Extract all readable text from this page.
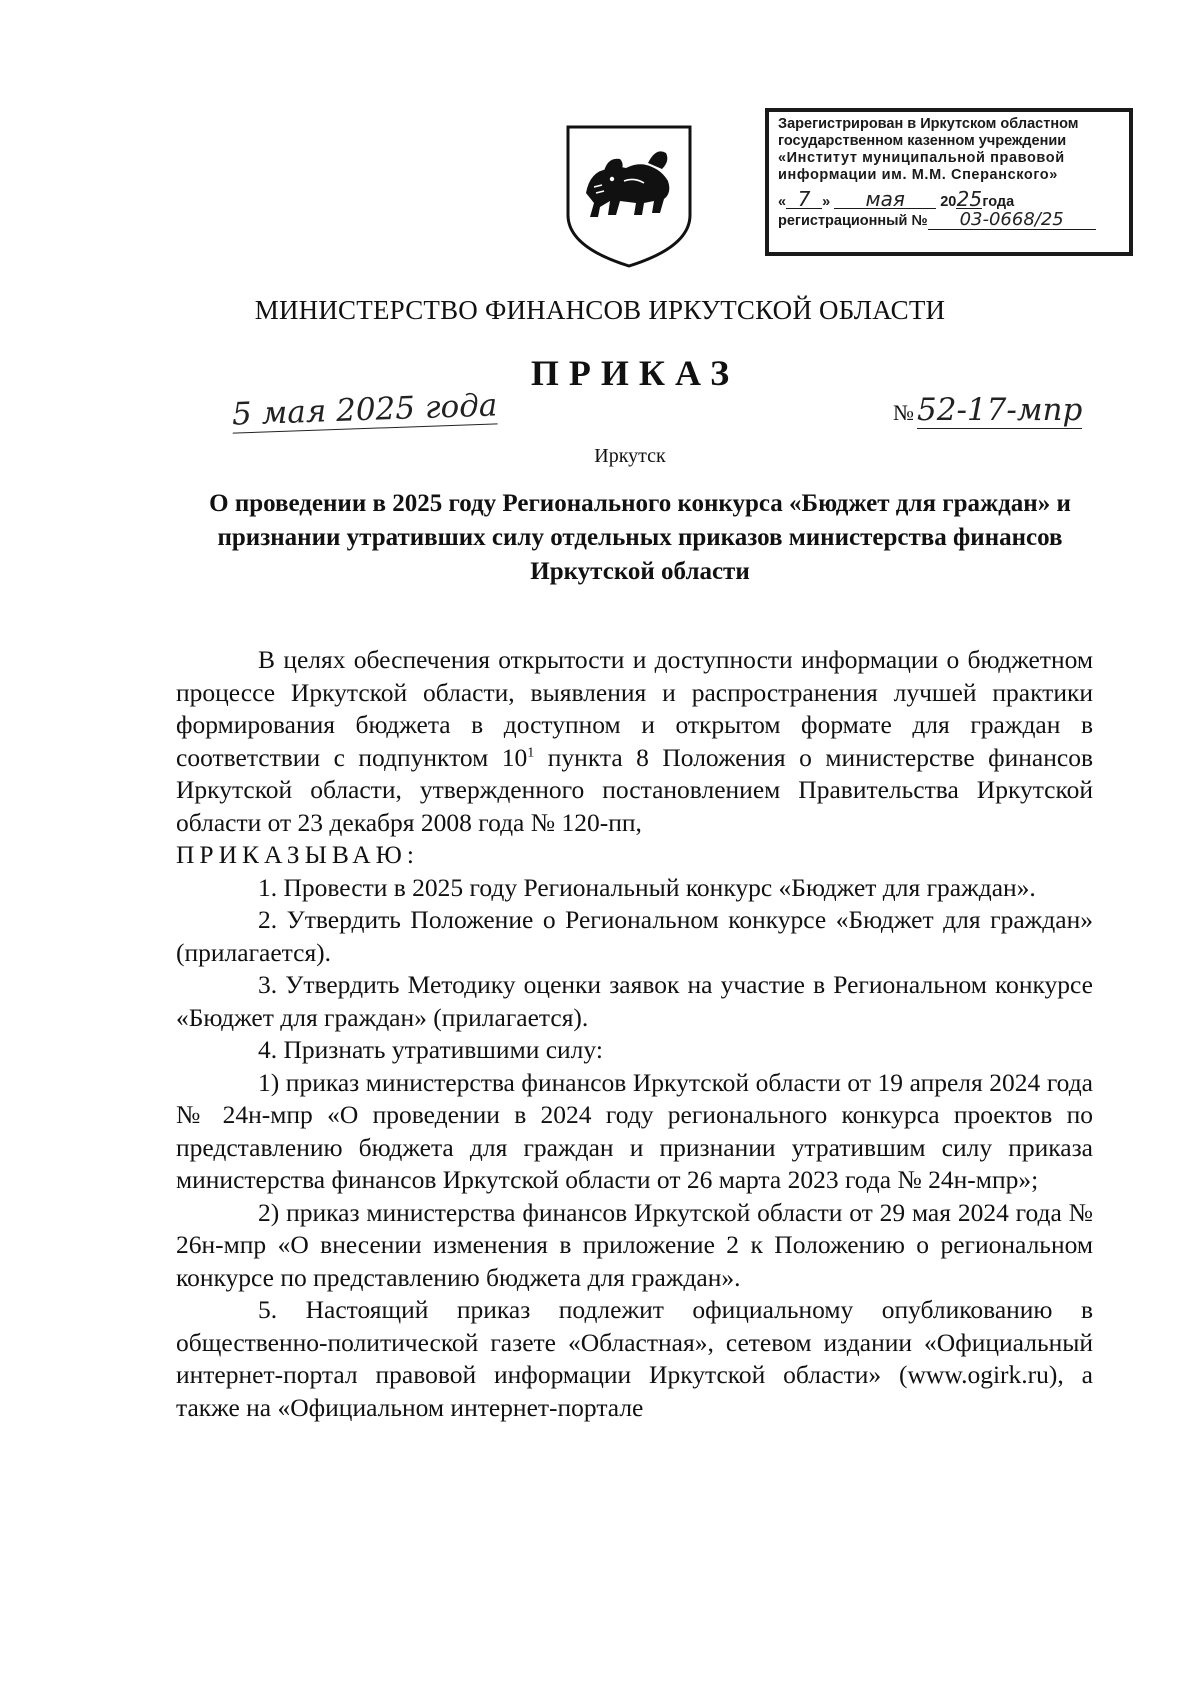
Зарегистрирован в Иркутском областном
государственном казенном учреждении
«Институт муниципальной правовой
информации им. М.М. Сперанского»
« 7 » мая 2025года
регистрационный № 03-0668/25
МИНИСТЕРСТВО ФИНАНСОВ ИРКУТСКОЙ ОБЛАСТИ
ПРИКАЗ
5 мая 2025 года	№52-17-мпр
Иркутск
О проведении в 2025 году Регионального конкурса «Бюджет для граждан» и признании утративших силу отдельных приказов министерства финансов Иркутской области

В целях обеспечения открытости и доступности информации о бюджетном процессе Иркутской области, выявления и распространения лучшей практики формирования бюджета в доступном и открытом формате для граждан в соответствии с подпунктом $10^1$ пункта 8 Положения о министерстве финансов Иркутской области, утвержденного постановлением Правительства Иркутской области от 23 декабря 2008 года № 120-пп,

ПРИКАЗЫВАЮ:

1. Провести в 2025 году Региональный конкурс «Бюджет для граждан».

2. Утвердить Положение о Региональном конкурсе «Бюджет для граждан» (прилагается).

3. Утвердить Методику оценки заявок на участие в Региональном конкурсе «Бюджет для граждан» (прилагается).

4. Признать утратившими силу:

1) приказ министерства финансов Иркутской области от 19 апреля 2024 года № 24н-мпр «О проведении в 2024 году регионального конкурса проектов по представлению бюджета для граждан и признании утратившим силу приказа министерства финансов Иркутской области от 26 марта 2023 года № 24н-мпр»;

2) приказ министерства финансов Иркутской области от 29 мая 2024 года № 26н-мпр «О внесении изменения в приложение 2 к Положению о региональном конкурсе по представлению бюджета для граждан».

5. Настоящий приказ подлежит официальному опубликованию в общественно-политической газете «Областная», сетевом издании «Официальный интернет-портал правовой информации Иркутской области» (www.ogirk.ru), а также на «Официальном интернет-портале
